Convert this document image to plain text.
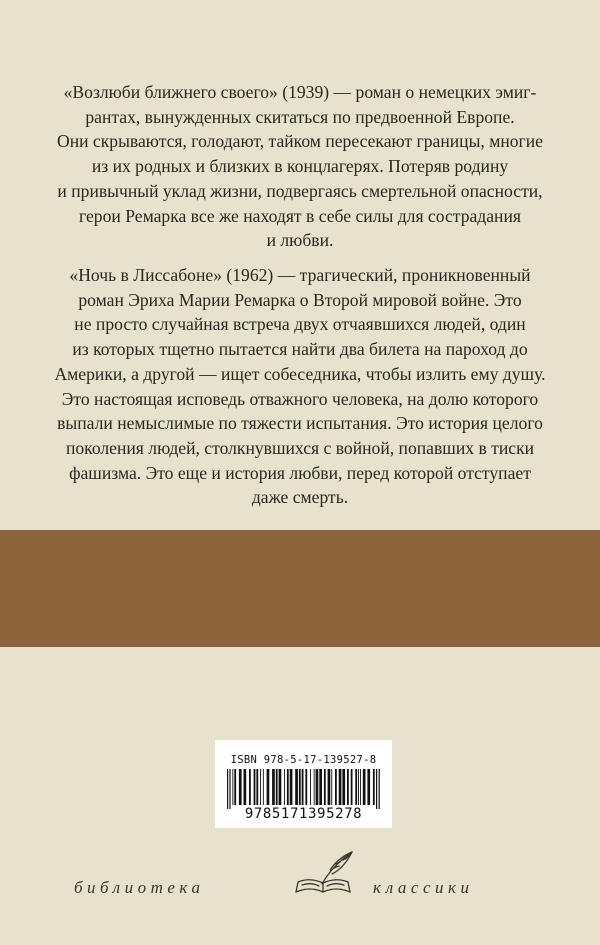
«Возлюби ближнего своего» (1939) — роман о немецких эмиг-
рантах, вынужденных скитаться по предвоенной Европе.
Они скрываются, голодают, тайком пересекают границы, многие
из их родных и близких в концлагерях. Потеряв родину
и привычный уклад жизни, подвергаясь смертельной опасности,
герои Ремарка все же находят в себе силы для сострадания
и любви.

«Ночь в Лиссабоне» (1962) — трагический, проникновенный
роман Эриха Марии Ремарка о Второй мировой войне. Это
не просто случайная встреча двух отчаявшихся людей, один
из которых тщетно пытается найти два билета на пароход до
Америки, а другой — ищет собеседника, чтобы излить ему душу.
Это настоящая исповедь отважного человека, на долю которого
выпали немыслимые по тяжести испытания. Это история целого
поколения людей, столкнувшихся с войной, попавших в тиски
фашизма. Это еще и история любви, перед которой отступает
даже смерть.

ISBN 978-5-17-139527-8
9785171395278
библиотека	классики
